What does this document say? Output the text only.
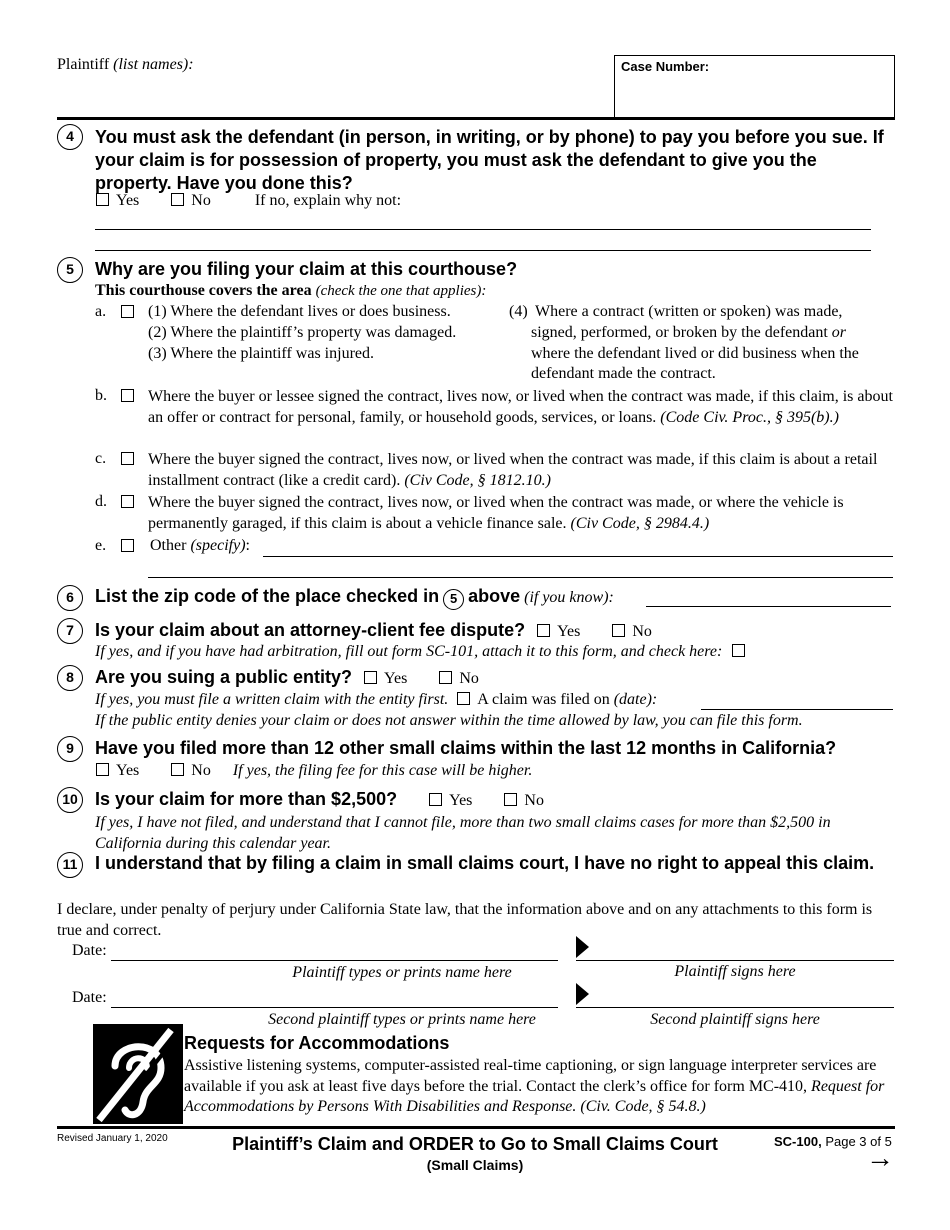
Plaintiff (list names):	Case Number:
4	You must ask the defendant (in person, in writing, or by phone) to pay you before you sue. If your claim is for possession of property, you must ask the defendant to give you the property. Have you done this?
Yes	No	If no, explain why not:
5	Why are you filing your claim at this courthouse?
This courthouse covers the area (check the one that applies):
a.	(1) Where the defendant lives or does business.
(2) Where the plaintiff’s property was damaged.
(3) Where the plaintiff was injured.
(4) Where a contract (written or spoken) was made,
signed, performed, or broken by the defendant or
where the defendant lived or did business when the
defendant made the contract.
b.	Where the buyer or lessee signed the contract, lives now, or lived when the contract was made, if this claim, is about an offer or contract for personal, family, or household goods, services, or loans. (Code Civ. Proc., § 395(b).)
c.	Where the buyer signed the contract, lives now, or lived when the contract was made, if this claim is about a retail installment contract (like a credit card). (Civ Code, § 1812.10.)
d.	Where the buyer signed the contract, lives now, or lived when the contract was made, or where the vehicle is permanently garaged, if this claim is about a vehicle finance sale. (Civ Code, § 2984.4.)
e.	Other (specify):
6	List the zip code of the place checked in 5 above (if you know):
7	Is your claim about an attorney-client fee dispute? Yes	No
If yes, and if you have had arbitration, fill out form SC-101, attach it to this form, and check here:
8	Are you suing a public entity? Yes	No
If yes, you must file a written claim with the entity first. A claim was filed on (date):
If the public entity denies your claim or does not answer within the time allowed by law, you can file this form.
9	Have you filed more than 12 other small claims within the last 12 months in California?
Yes	No If yes, the filing fee for this case will be higher.
10 Is your claim for more than $2,500?	Yes	No
If yes, I have not filed, and understand that I cannot file, more than two small claims cases for more than $2,500 in California during this calendar year.
11 I understand that by filing a claim in small claims court, I have no right to appeal this claim.
I declare, under penalty of perjury under California State law, that the information above and on any attachments to this form is true and correct.
Date:
Plaintiff types or prints name here	Plaintiff signs here
Date:
Second plaintiff types or prints name here	Second plaintiff signs here
Requests for Accommodations
Assistive listening systems, computer-assisted real-time captioning, or sign language interpreter services are available if you ask at least five days before the trial. Contact the clerk’s office for form MC-410, Request for Accommodations by Persons With Disabilities and Response. (Civ. Code, § 54.8.)
Revised January 1, 2020	Plaintiff’s Claim and ORDER to Go to Small Claims Court
(Small Claims)
SC-100, Page 3 of 5
→
